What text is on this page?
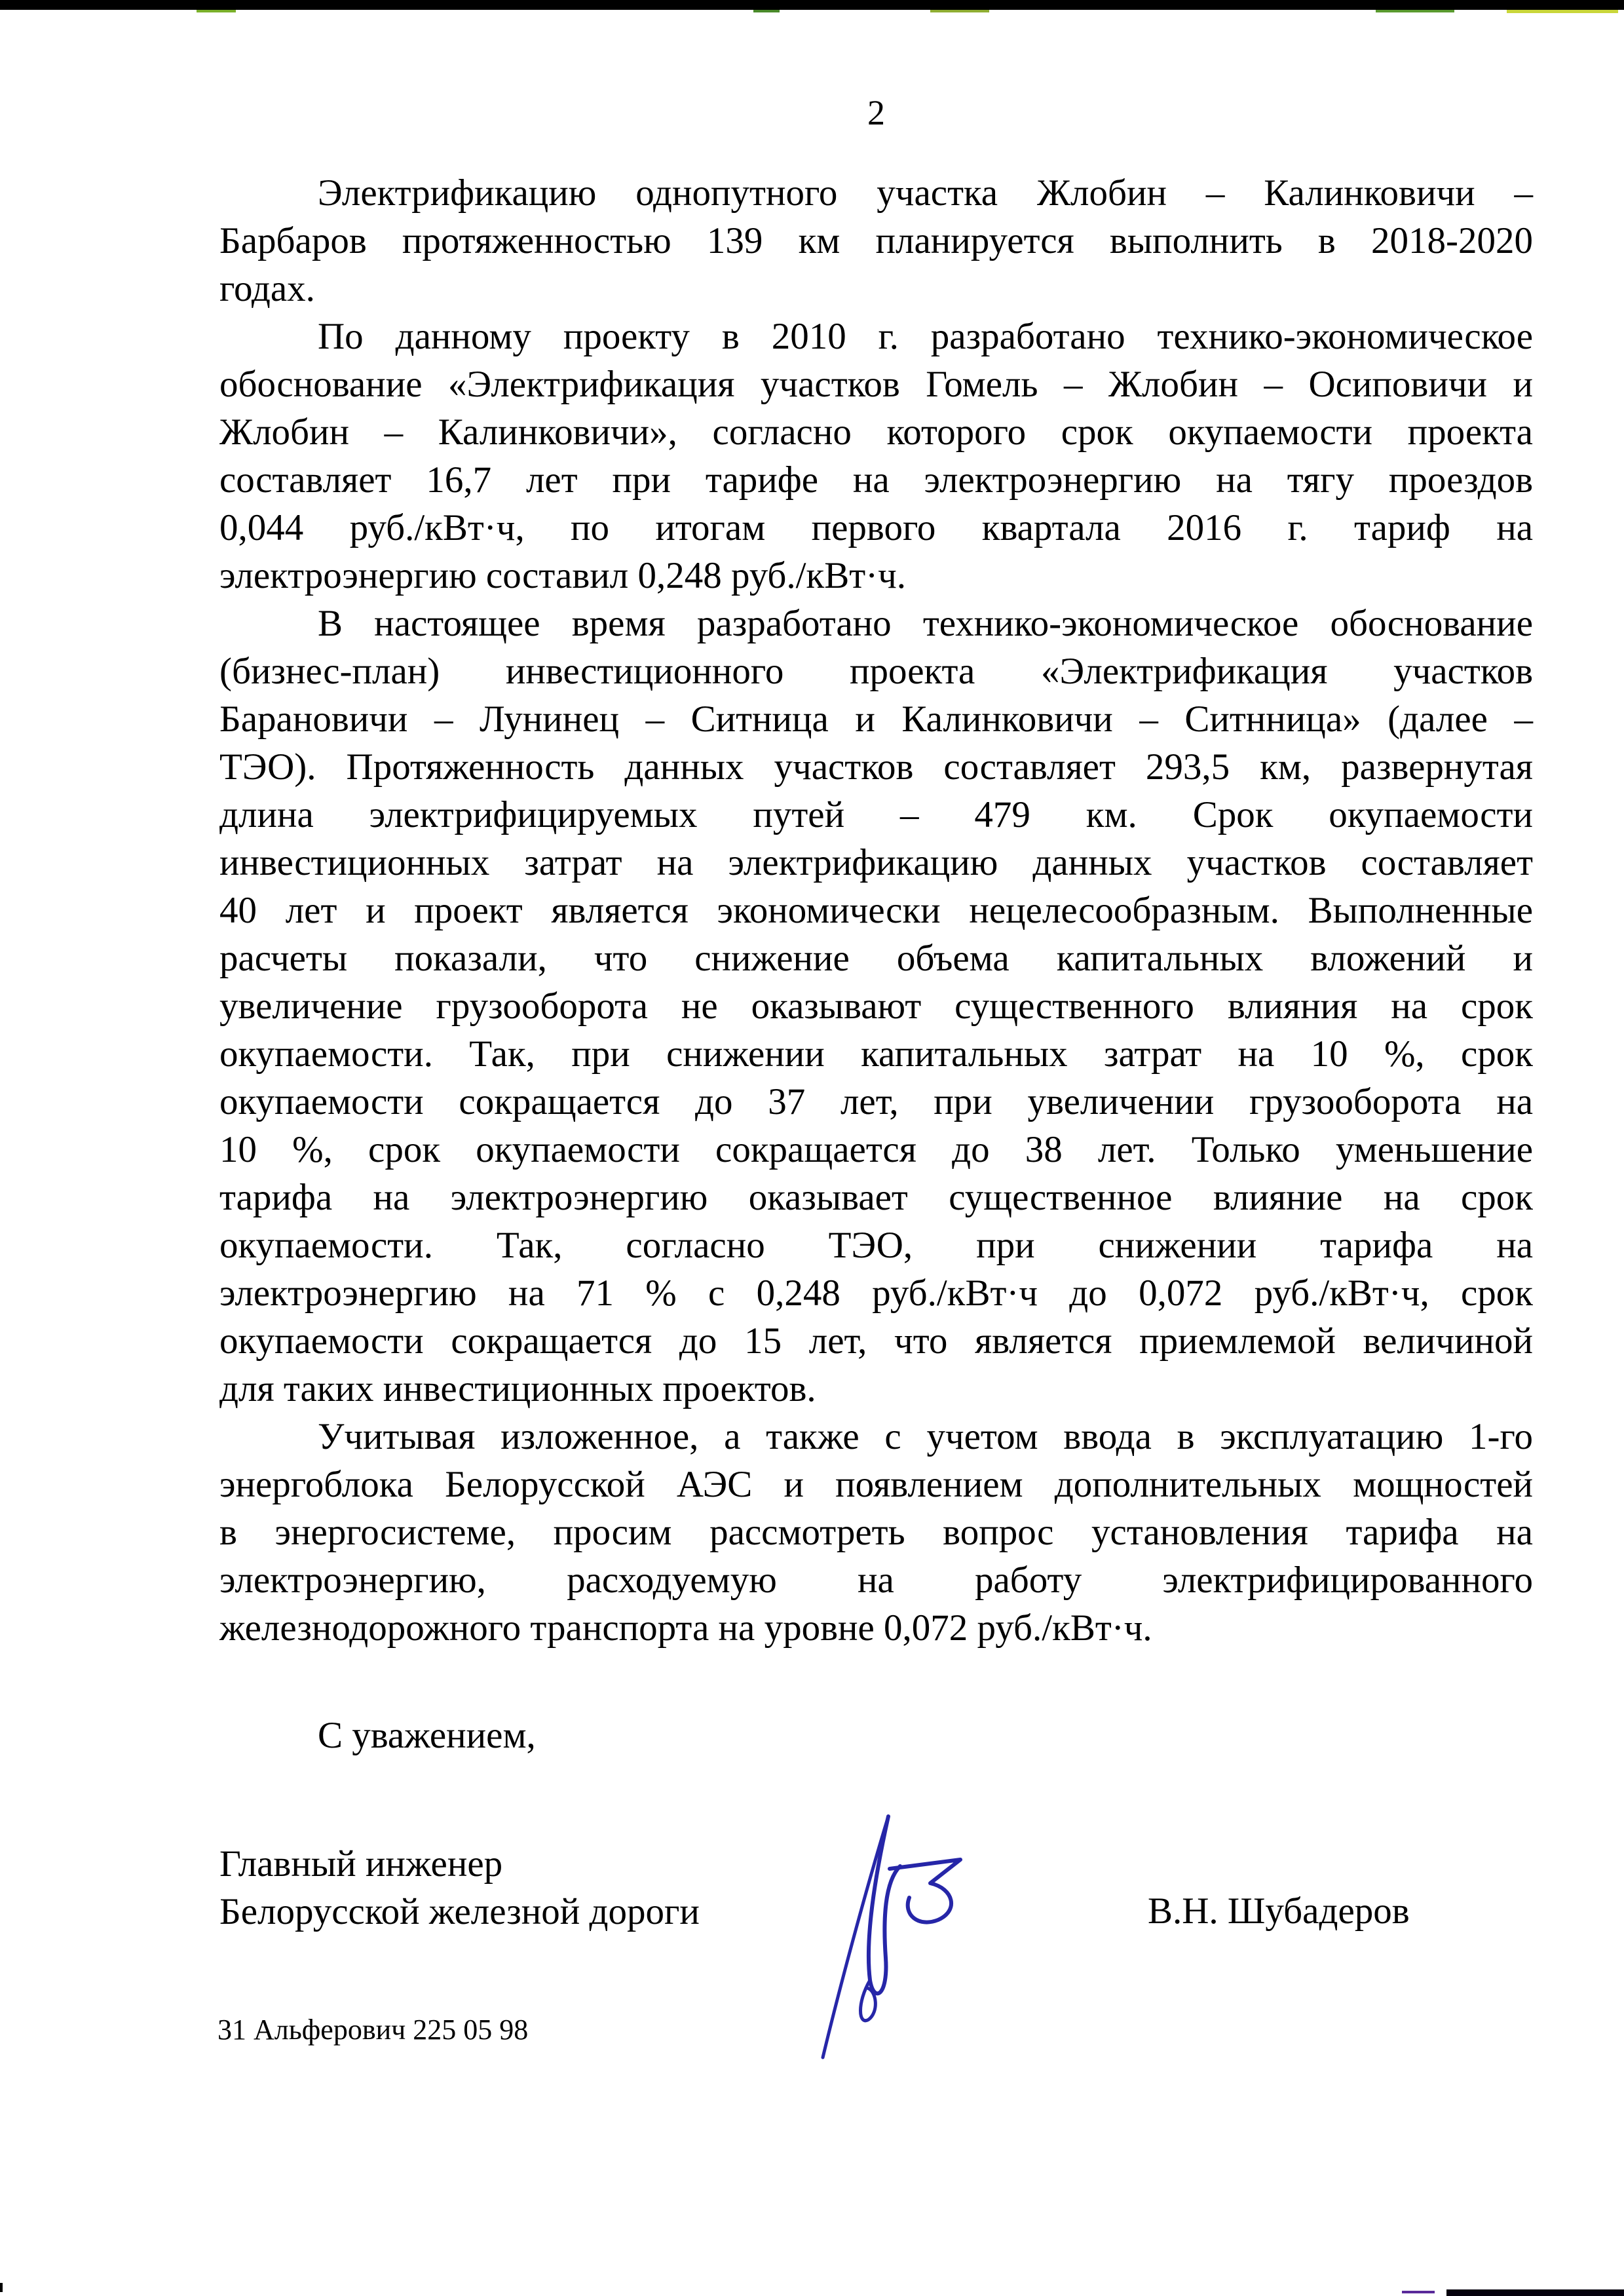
2
Электрификацию однопутного участка Жлобин – Калинковичи –
Барбаров протяженностью 139 км планируется выполнить в 2018-2020
годах.
По данному проекту в 2010 г. разработано технико-экономическое
обоснование «Электрификация участков Гомель – Жлобин – Осиповичи и
Жлобин – Калинковичи», согласно которого срок окупаемости проекта
составляет 16,7 лет при тарифе на электроэнергию на тягу проездов
0,044 руб./кВт·ч, по итогам первого квартала 2016 г. тариф на
электроэнергию составил 0,248 руб./кВт·ч.
В настоящее время разработано технико-экономическое обоснование
(бизнес-план) инвестиционного проекта «Электрификация участков
Барановичи – Лунинец – Ситница и Калинковичи – Ситнница» (далее –
ТЭО). Протяженность данных участков составляет 293,5 км, развернутая
длина электрифицируемых путей – 479 км. Срок окупаемости
инвестиционных затрат на электрификацию данных участков составляет
40 лет и проект является экономически нецелесообразным. Выполненные
расчеты показали, что снижение объема капитальных вложений и
увеличение грузооборота не оказывают существенного влияния на срок
окупаемости. Так, при снижении капитальных затрат на 10 %, срок
окупаемости сокращается до 37 лет, при увеличении грузооборота на
10 %, срок окупаемости сокращается до 38 лет. Только уменьшение
тарифа на электроэнергию оказывает существенное влияние на срок
окупаемости. Так, согласно ТЭО, при снижении тарифа на
электроэнергию на 71 % с 0,248 руб./кВт·ч до 0,072 руб./кВт·ч, срок
окупаемости сокращается до 15 лет, что является приемлемой величиной
для таких инвестиционных проектов.
Учитывая изложенное, а также с учетом ввода в эксплуатацию 1-го
энергоблока Белорусской АЭС и появлением дополнительных мощностей
в энергосистеме, просим рассмотреть вопрос установления тарифа на
электроэнергию, расходуемую на работу электрифицированного
железнодорожного транспорта на уровне 0,072 руб./кВт·ч.
С уважением,
Главный инженер
Белорусской железной дороги	В.Н. Шубадеров
31 Альферович 225 05 98
